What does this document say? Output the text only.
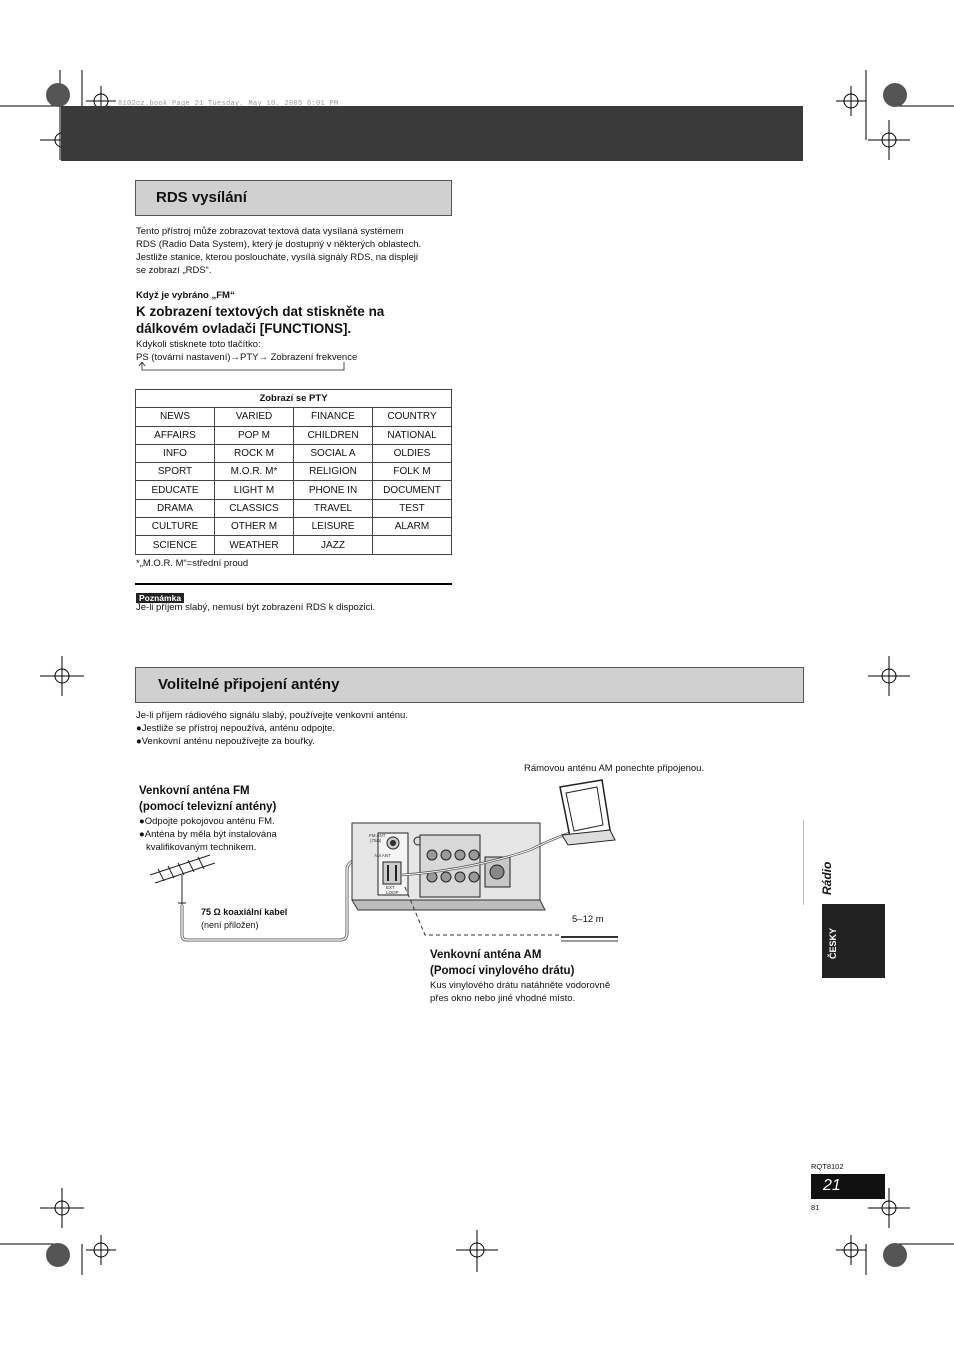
8102cz.book Page 21 Tuesday, May 10, 2005 6:01 PM
RDS vysílání
Tento přístroj může zobrazovat textová data vysílaná systémem
RDS (Radio Data System), který je dostupný v některých oblastech.
Jestliže stanice, kterou posloucháte, vysílá signály RDS, na displeji
se zobrazí „RDS“.
Když je vybráno „FM“
K zobrazení textových dat stiskněte na
dálkovém ovladači [FUNCTIONS].
Kdykoli stisknete toto tlačítko:
PS (tovární nastavení)→PTY→ Zobrazení frekvence
Zobrazí se PTY			
NEWS	VARIED	FINANCE	COUNTRY
AFFAIRS	POP M	CHILDREN	NATIONAL
INFO	ROCK M	SOCIAL A	OLDIES
SPORT	M.O.R. M*	RELIGION	FOLK M
EDUCATE	LIGHT M	PHONE IN	DOCUMENT
DRAMA	CLASSICS	TRAVEL	TEST
CULTURE	OTHER M	LEISURE	ALARM
SCIENCE	WEATHER	JAZZ	
*„M.O.R. M“=střední proud
Poznámka
Je-li příjem slabý, nemusí být zobrazení RDS k dispozici.
Volitelné připojení antény
Je-li příjem rádiového signálu slabý, používejte venkovní anténu.
●Jestliže se přístroj nepoužívá, anténu odpojte.
●Venkovní anténu nepoužívejte za bouřky.
Rámovou anténu AM ponechte připojenou.
Venkovní anténa FM
(pomocí televizní antény)
●Odpojte pokojovou anténu FM.
●Anténa by měla být instalována
kvalifikovaným technikem.
FM ANT
(75Ω)
AM ANT
EXT
LOOP
75 Ω koaxiální kabel
(není přiložen)	5–12 m
Venkovní anténa AM
(Pomocí vinylového drátu)
Kus vinylového drátu natáhněte vodorovně
přes okno nebo jiné vhodné místo.
Rádio
ČESKY
RQT8102
21
81
